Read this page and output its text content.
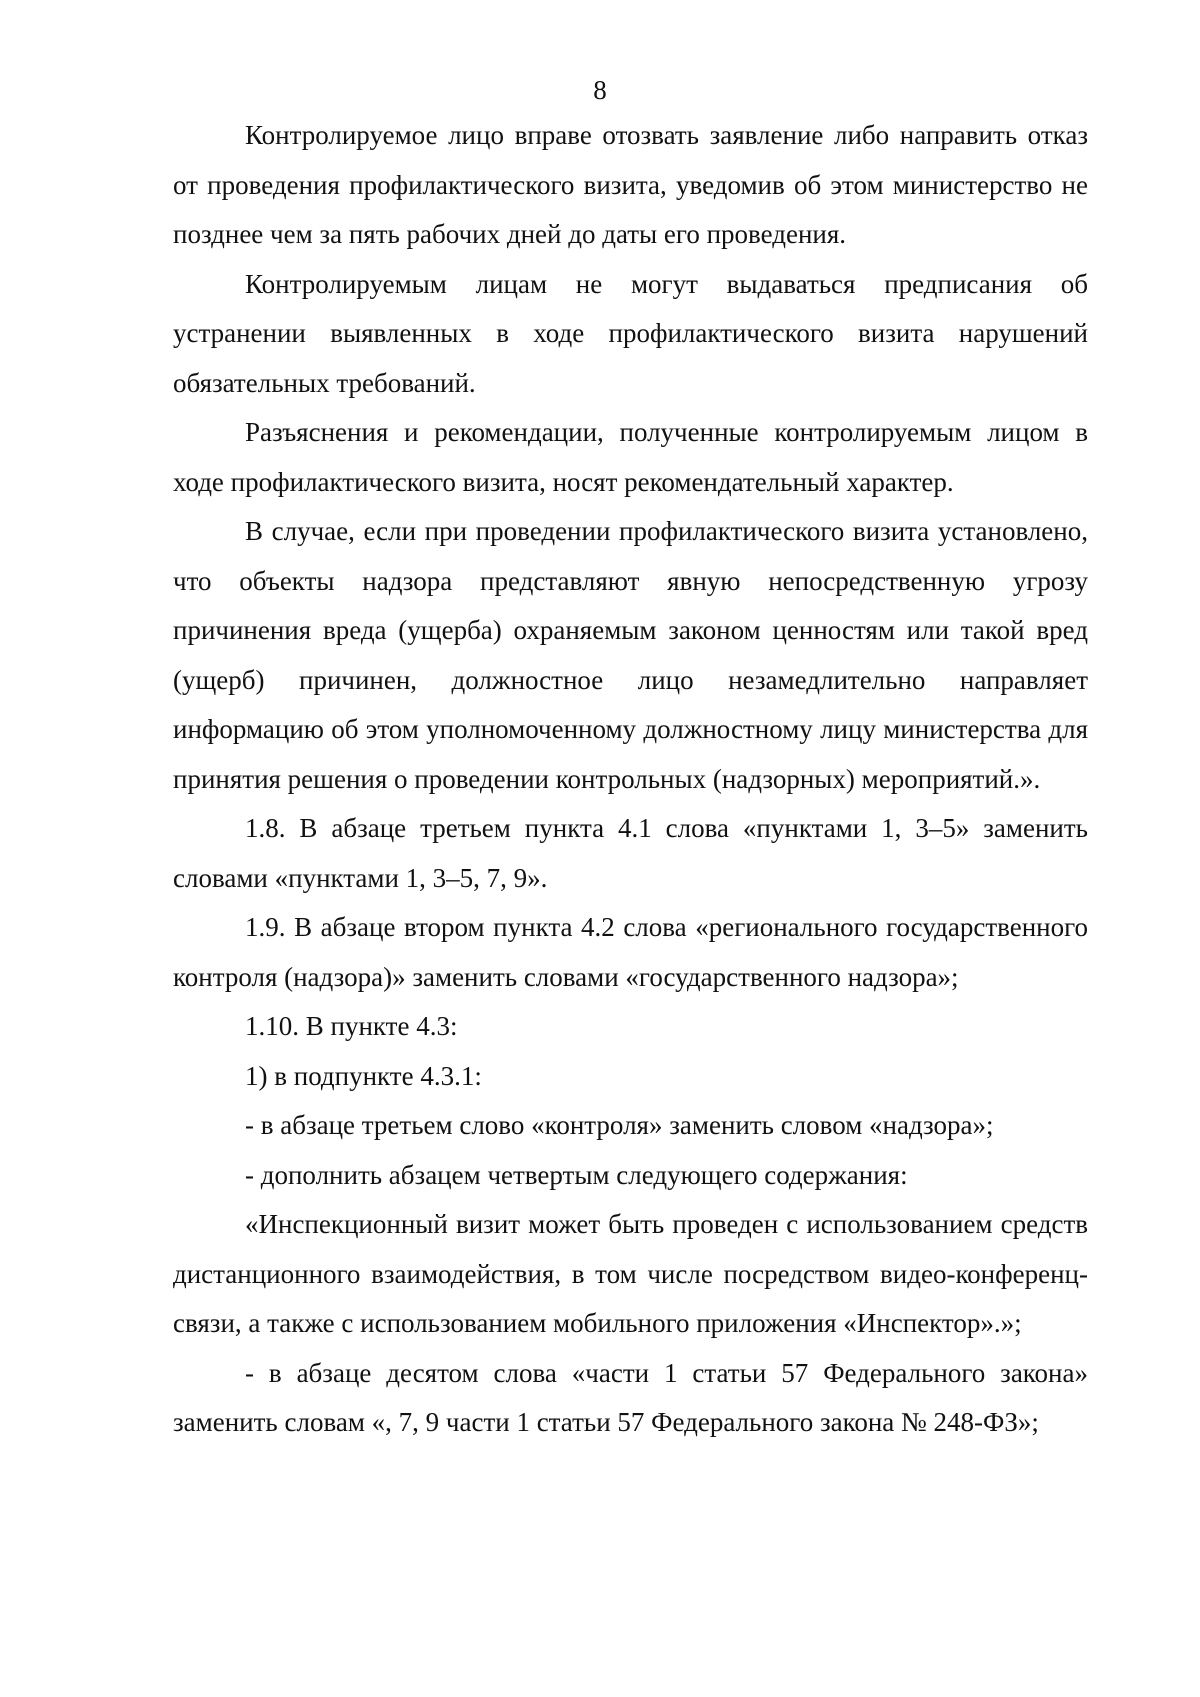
8

Контролируемое лицо вправе отозвать заявление либо направить отказ от проведения профилактического визита, уведомив об этом министерство не позднее чем за пять рабочих дней до даты его проведения.

Контролируемым лицам не могут выдаваться предписания об устранении выявленных в ходе профилактического визита нарушений обязательных требований.

Разъяснения и рекомендации, полученные контролируемым лицом в ходе профилактического визита, носят рекомендательный характер.

В случае, если при проведении профилактического визита установлено, что объекты надзора представляют явную непосредственную угрозу причинения вреда (ущерба) охраняемым законом ценностям или такой вред (ущерб) причинен, должностное лицо незамедлительно направляет информацию об этом уполномоченному должностному лицу министерства для принятия решения о проведении контрольных (надзорных) мероприятий.».

1.8. В абзаце третьем пункта 4.1 слова «пунктами 1, 3–5» заменить словами «пунктами 1, 3–5, 7, 9».

1.9. В абзаце втором пункта 4.2 слова «регионального государственного контроля (надзора)» заменить словами «государственного надзора»;

1.10. В пункте 4.3:

1) в подпункте 4.3.1:

- в абзаце третьем слово «контроля» заменить словом «надзора»;

- дополнить абзацем четвертым следующего содержания:

«Инспекционный визит может быть проведен с использованием средств дистанционного взаимодействия, в том числе посредством видео-конференц-связи, а также с использованием мобильного приложения «Инспектор».»;

- в абзаце десятом слова «части 1 статьи 57 Федерального закона» заменить словам «, 7, 9 части 1 статьи 57 Федерального закона № 248-ФЗ»;
